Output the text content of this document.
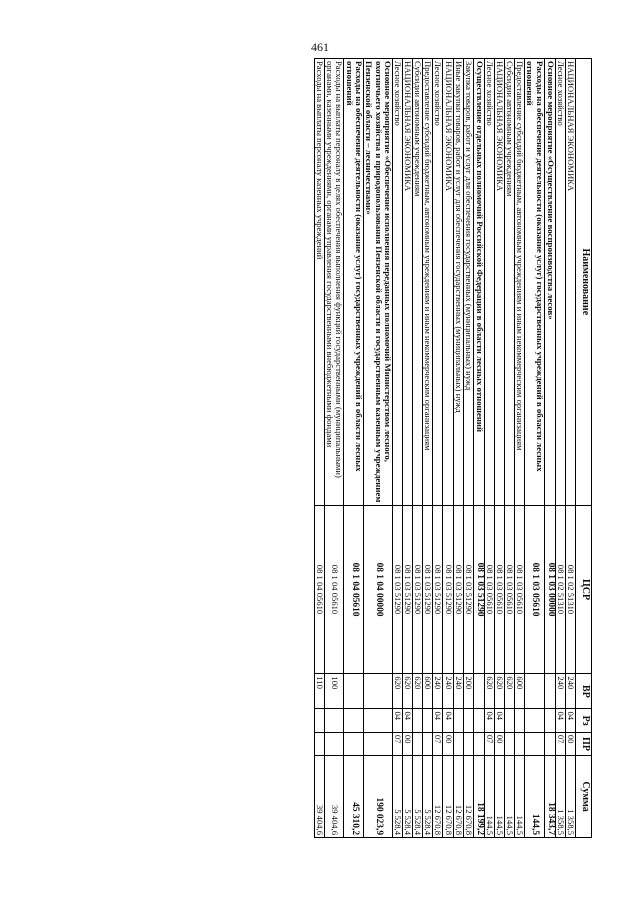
461
Наименование	ЦСР	ВР	Рз	ПР	Сумма
НАЦИОНАЛЬНАЯ ЭКОНОМИКА	08 1 02 51310	240	04	00	1 358,5
Лесное хозяйство	08 1 02 51310	240	04	07	1 358,5
Основное мероприятие «Осуществление воспроизводства лесов»	08 1 03 00000				18 343,7
Расходы на обеспечение деятельности (оказание услуг) государственных учреждений в области лесных отношений	08 1 03 05610				144,5
Предоставление субсидий бюджетным, автономным учреждениям и иным некоммерческим организациям	08 1 03 05610	600			144,5
Субсидии автономным учреждениям	08 1 03 05610	620			144,5
НАЦИОНАЛЬНАЯ ЭКОНОМИКА	08 1 03 05610	620	04	00	144,5
Лесное хозяйство	08 1 03 05610	620	04	07	144,5
Осуществление отдельных полномочий Российской Федерации в области лесных отношений	08 1 03 51290				18 199,2
Закупка товаров, работ и услуг для обеспечения государственных (муниципальных) нужд	08 1 03 51290	200			12 670,8
Иные закупки товаров, работ и услуг для обеспечения государственных (муниципальных) нужд	08 1 03 51290	240			12 670,8
НАЦИОНАЛЬНАЯ ЭКОНОМИКА	08 1 03 51290	240	04	00	12 670,8
Лесное хозяйство	08 1 03 51290	240	04	07	12 670,8
Предоставление субсидий бюджетным, автономным учреждениям и иным некоммерческим организациям	08 1 03 51290	600			5 528,4
Субсидии автономным учреждениям	08 1 03 51290	620			5 528,4
НАЦИОНАЛЬНАЯ ЭКОНОМИКА	08 1 03 51290	620	04	00	5 528,4
Лесное хозяйство	08 1 03 51290	620	04	07	5 528,4
Основное мероприятие «Обеспечение исполнения переданных полномочий Министерством лесного, охотничьего хозяйства и природопользования Пензенской области и государственным казенным учреждением Пензенской области – лесничествами»	08 1 04 00000				190 023,9
Расходы на обеспечение деятельности (оказание услуг) государственных учреждений в области лесных отношений	08 1 04 05610				45 310,2
Расходы на выплаты персоналу в целях обеспечения выполнения функций государственными (муниципальными) органами, казенными учреждениями, органами управления государственными внебюджетными фондами	08 1 04 05610	100			39 404,6
Расходы на выплаты персоналу казенных учреждений	08 1 04 05610	110			39 404,6
